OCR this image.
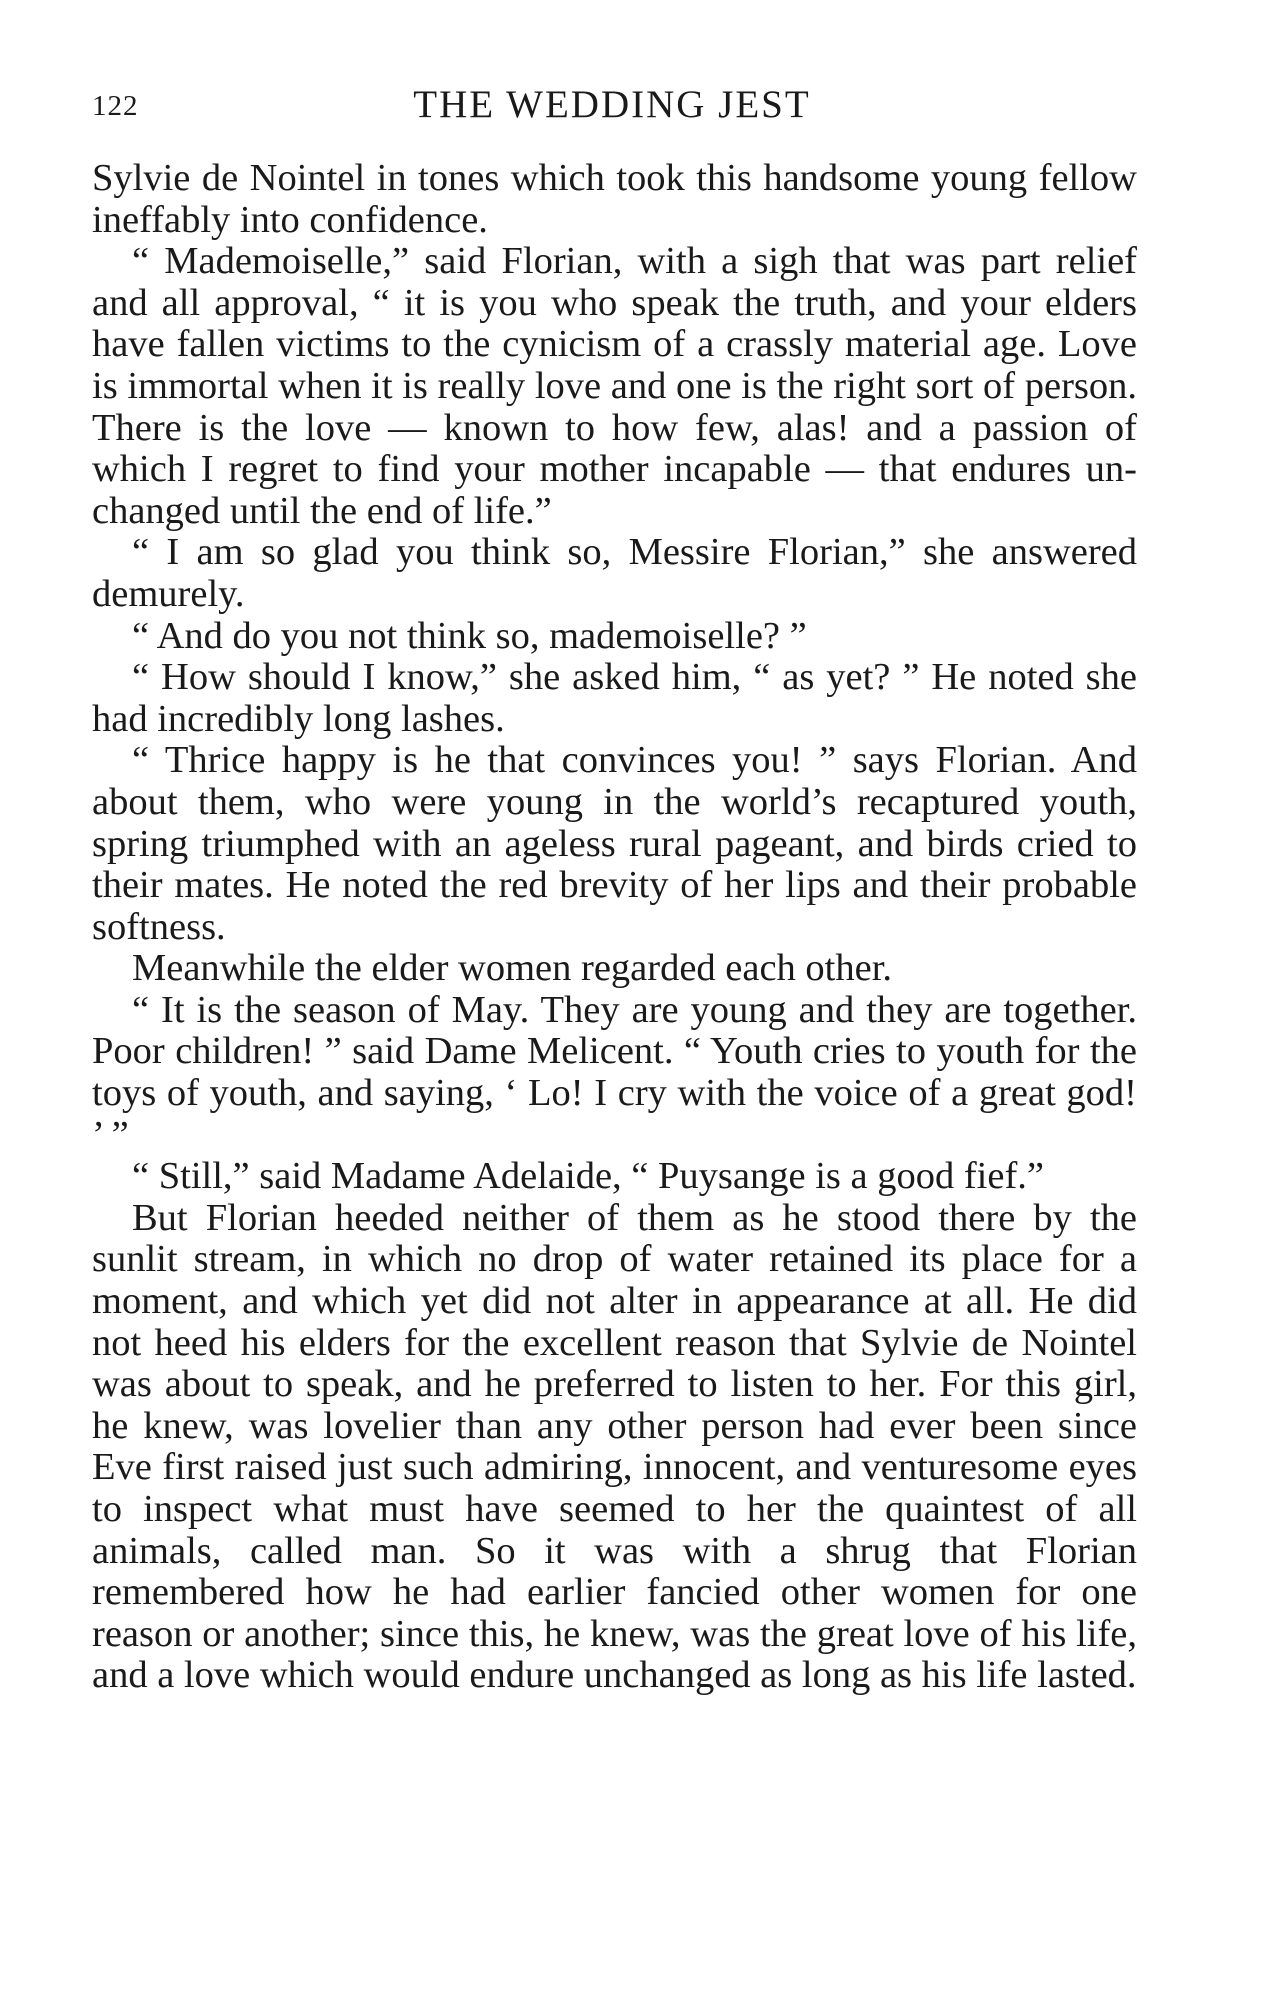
122	THE WEDDING JEST

Sylvie de Nointel in tones which took this handsome young fellow ineffably into confidence.

“ Mademoiselle,” said Florian, with a sigh that was part relief and all approval, “ it is you who speak the truth, and your elders have fallen victims to the cynicism of a crassly material age. Love is immortal when it is really love and one is the right sort of person. There is the love — known to how few, alas! and a passion of which I regret to find your mother incapable — that endures unchanged until the end of life.”

“ I am so glad you think so, Messire Florian,” she answered demurely.

“ And do you not think so, mademoiselle? ”

“ How should I know,” she asked him, “ as yet? ” He noted she had incredibly long lashes.

“ Thrice happy is he that convinces you! ” says Florian. And about them, who were young in the world’s recaptured youth, spring triumphed with an ageless rural pageant, and birds cried to their mates. He noted the red brevity of her lips and their probable softness.

Meanwhile the elder women regarded each other.

“ It is the season of May. They are young and they are together. Poor children! ” said Dame Melicent. “ Youth cries to youth for the toys of youth, and saying, ‘ Lo! I cry with the voice of a great god! ’ ”

“ Still,” said Madame Adelaide, “ Puysange is a good fief.”

But Florian heeded neither of them as he stood there by the sunlit stream, in which no drop of water retained its place for a moment, and which yet did not alter in appearance at all. He did not heed his elders for the excellent reason that Sylvie de Nointel was about to speak, and he preferred to listen to her. For this girl, he knew, was lovelier than any other person had ever been since Eve first raised just such admiring, innocent, and venturesome eyes to inspect what must have seemed to her the quaintest of all animals, called man. So it was with a shrug that Florian remembered how he had earlier fancied other women for one reason or another; since this, he knew, was the great love of his life, and a love which would endure unchanged as long as his life lasted.
